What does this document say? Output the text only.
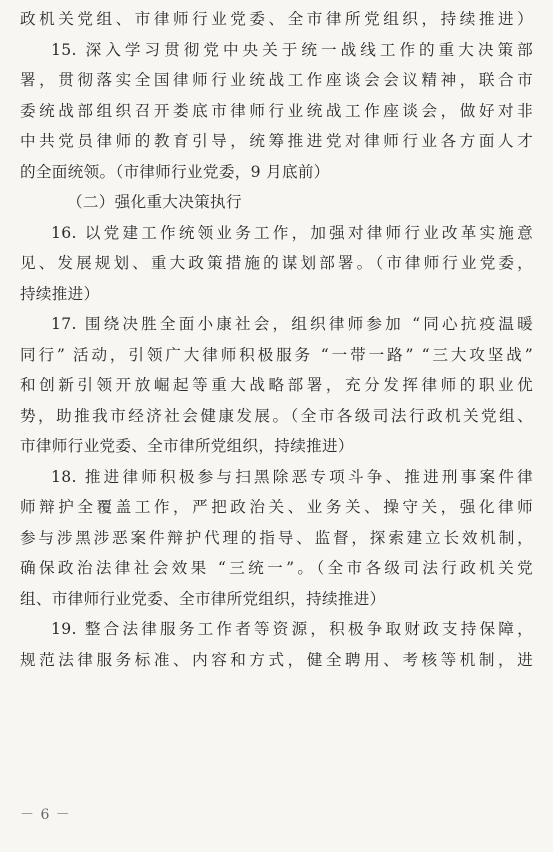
政机关党组、市律师行业党委、全市律所党组织，持续推进）
15. 深入学习贯彻党中央关于统一战线工作的重大决策部
署，贯彻落实全国律师行业统战工作座谈会会议精神，联合市
委统战部组织召开娄底市律师行业统战工作座谈会，做好对非
中共党员律师的教育引导，统筹推进党对律师行业各方面人才
的全面统领。（市律师行业党委，9 月底前）
（二）强化重大决策执行
16. 以党建工作统领业务工作，加强对律师行业改革实施意
见、发展规划、重大政策措施的谋划部署。（市律师行业党委，
持续推进）
17. 围绕决胜全面小康社会，组织律师参加 “同心抗疫温暖
同行” 活动，引领广大律师积极服务 “一带一路” “三大攻坚战”
和创新引领开放崛起等重大战略部署，充分发挥律师的职业优
势，助推我市经济社会健康发展。（全市各级司法行政机关党组、
市律师行业党委、全市律所党组织，持续推进）
18. 推进律师积极参与扫黑除恶专项斗争、推进刑事案件律
师辩护全覆盖工作，严把政治关、业务关、操守关，强化律师
参与涉黑涉恶案件辩护代理的指导、监督，探索建立长效机制，
确保政治法律社会效果 “三统一”。（全市各级司法行政机关党
组、市律师行业党委、全市律所党组织，持续推进）
19. 整合法律服务工作者等资源，积极争取财政支持保障，
规范法律服务标准、内容和方式，健全聘用、考核等机制，进
－ 6 －
